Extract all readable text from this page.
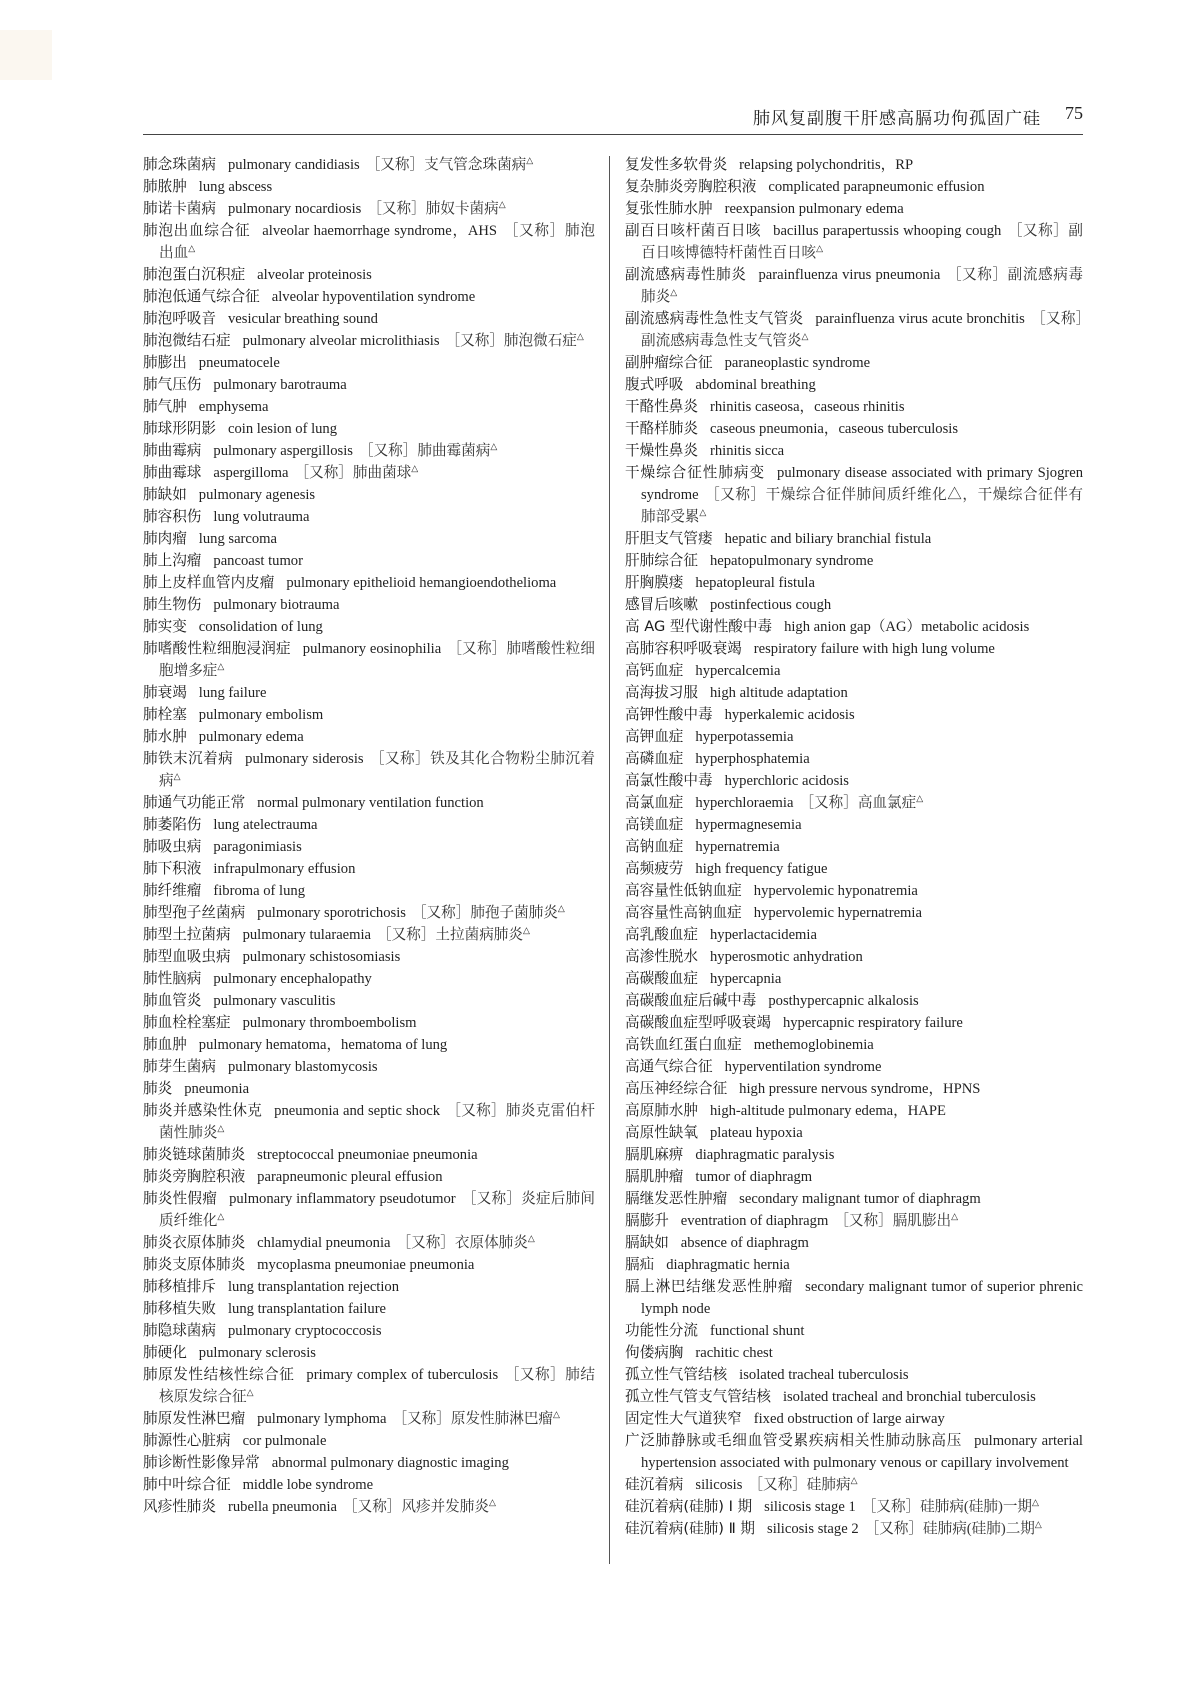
肺风复副腹干肝感高膈功佝孤固广硅 75
肺念珠菌病 pulmonary candidiasis ［又称］支气管念珠菌病△
肺脓肿 lung abscess
肺诺卡菌病 pulmonary nocardiosis ［又称］肺奴卡菌病△
肺泡出血综合征 alveolar haemorrhage syndrome，AHS ［又称］肺泡出血△
肺泡蛋白沉积症 alveolar proteinosis
肺泡低通气综合征 alveolar hypoventilation syndrome
肺泡呼吸音 vesicular breathing sound
肺泡微结石症 pulmonary alveolar microlithiasis ［又称］肺泡微石症△
肺膨出 pneumatocele
肺气压伤 pulmonary barotrauma
肺气肿 emphysema
肺球形阴影 coin lesion of lung
肺曲霉病 pulmonary aspergillosis ［又称］肺曲霉菌病△
肺曲霉球 aspergilloma ［又称］肺曲菌球△
肺缺如 pulmonary agenesis
肺容积伤 lung volutrauma
肺肉瘤 lung sarcoma
肺上沟瘤 pancoast tumor
肺上皮样血管内皮瘤 pulmonary epithelioid hemangioendothelioma
肺生物伤 pulmonary biotrauma
肺实变 consolidation of lung
肺嗜酸性粒细胞浸润症 pulmanory eosinophilia ［又称］肺嗜酸性粒细胞增多症△
肺衰竭 lung failure
肺栓塞 pulmonary embolism
肺水肿 pulmonary edema
肺铁末沉着病 pulmonary siderosis ［又称］铁及其化合物粉尘肺沉着病△
肺通气功能正常 normal pulmonary ventilation function
肺萎陷伤 lung atelectrauma
肺吸虫病 paragonimiasis
肺下积液 infrapulmonary effusion
肺纤维瘤 fibroma of lung
肺型孢子丝菌病 pulmonary sporotrichosis ［又称］肺孢子菌肺炎△
肺型土拉菌病 pulmonary tularaemia ［又称］土拉菌病肺炎△
肺型血吸虫病 pulmonary schistosomiasis
肺性脑病 pulmonary encephalopathy
肺血管炎 pulmonary vasculitis
肺血栓栓塞症 pulmonary thromboembolism
肺血肿 pulmonary hematoma，hematoma of lung
肺芽生菌病 pulmonary blastomycosis
肺炎 pneumonia
肺炎并感染性休克 pneumonia and septic shock ［又称］肺炎克雷伯杆菌性肺炎△
肺炎链球菌肺炎 streptococcal pneumoniae pneumonia
肺炎旁胸腔积液 parapneumonic pleural effusion
肺炎性假瘤 pulmonary inflammatory pseudotumor ［又称］炎症后肺间质纤维化△
肺炎衣原体肺炎 chlamydial pneumonia ［又称］衣原体肺炎△
肺炎支原体肺炎 mycoplasma pneumoniae pneumonia
肺移植排斥 lung transplantation rejection
肺移植失败 lung transplantation failure
肺隐球菌病 pulmonary cryptococcosis
肺硬化 pulmonary sclerosis
肺原发性结核性综合征 primary complex of tuberculosis ［又称］肺结核原发综合征△
肺原发性淋巴瘤 pulmonary lymphoma ［又称］原发性肺淋巴瘤△
肺源性心脏病 cor pulmonale
肺诊断性影像异常 abnormal pulmonary diagnostic imaging
肺中叶综合征 middle lobe syndrome
风疹性肺炎 rubella pneumonia ［又称］风疹并发肺炎△
复发性多软骨炎 relapsing polychondritis，RP
复杂肺炎旁胸腔积液 complicated parapneumonic effusion
复张性肺水肿 reexpansion pulmonary edema
副百日咳杆菌百日咳 bacillus parapertussis whooping cough ［又称］副百日咳博德特杆菌性百日咳△
副流感病毒性肺炎 parainfluenza virus pneumonia ［又称］副流感病毒肺炎△
副流感病毒性急性支气管炎 parainfluenza virus acute bronchitis ［又称］副流感病毒急性支气管炎△
副肿瘤综合征 paraneoplastic syndrome
腹式呼吸 abdominal breathing
干酪性鼻炎 rhinitis caseosa，caseous rhinitis
干酪样肺炎 caseous pneumonia，caseous tuberculosis
干燥性鼻炎 rhinitis sicca
干燥综合征性肺病变 pulmonary disease associated with primary Sjogren syndrome ［又称］干燥综合征伴肺间质纤维化△，干燥综合征伴有肺部受累△
肝胆支气管瘘 hepatic and biliary branchial fistula
肝肺综合征 hepatopulmonary syndrome
肝胸膜瘘 hepatopleural fistula
感冒后咳嗽 postinfectious cough
高 AG 型代谢性酸中毒 high anion gap（AG）metabolic acidosis
高肺容积呼吸衰竭 respiratory failure with high lung volume
高钙血症 hypercalcemia
高海拔习服 high altitude adaptation
高钾性酸中毒 hyperkalemic acidosis
高钾血症 hyperpotassemia
高磷血症 hyperphosphatemia
高氯性酸中毒 hyperchloric acidosis
高氯血症 hyperchloraemia ［又称］高血氯症△
高镁血症 hypermagnesemia
高钠血症 hypernatremia
高频疲劳 high frequency fatigue
高容量性低钠血症 hypervolemic hyponatremia
高容量性高钠血症 hypervolemic hypernatremia
高乳酸血症 hyperlactacidemia
高渗性脱水 hyperosmotic anhydration
高碳酸血症 hypercapnia
高碳酸血症后碱中毒 posthypercapnic alkalosis
高碳酸血症型呼吸衰竭 hypercapnic respiratory failure
高铁血红蛋白血症 methemoglobinemia
高通气综合征 hyperventilation syndrome
高压神经综合征 high pressure nervous syndrome，HPNS
高原肺水肿 high-altitude pulmonary edema，HAPE
高原性缺氧 plateau hypoxia
膈肌麻痹 diaphragmatic paralysis
膈肌肿瘤 tumor of diaphragm
膈继发恶性肿瘤 secondary malignant tumor of diaphragm
膈膨升 eventration of diaphragm ［又称］膈肌膨出△
膈缺如 absence of diaphragm
膈疝 diaphragmatic hernia
膈上淋巴结继发恶性肿瘤 secondary malignant tumor of superior phrenic lymph node
功能性分流 functional shunt
佝偻病胸 rachitic chest
孤立性气管结核 isolated tracheal tuberculosis
孤立性气管支气管结核 isolated tracheal and bronchial tuberculosis
固定性大气道狭窄 fixed obstruction of large airway
广泛肺静脉或毛细血管受累疾病相关性肺动脉高压 pulmonary arterial hypertension associated with pulmonary venous or capillary involvement
硅沉着病 silicosis ［又称］硅肺病△
硅沉着病(硅肺) Ⅰ 期 silicosis stage 1 ［又称］硅肺病(硅肺)一期△
硅沉着病(硅肺) Ⅱ 期 silicosis stage 2 ［又称］硅肺病(硅肺)二期△
